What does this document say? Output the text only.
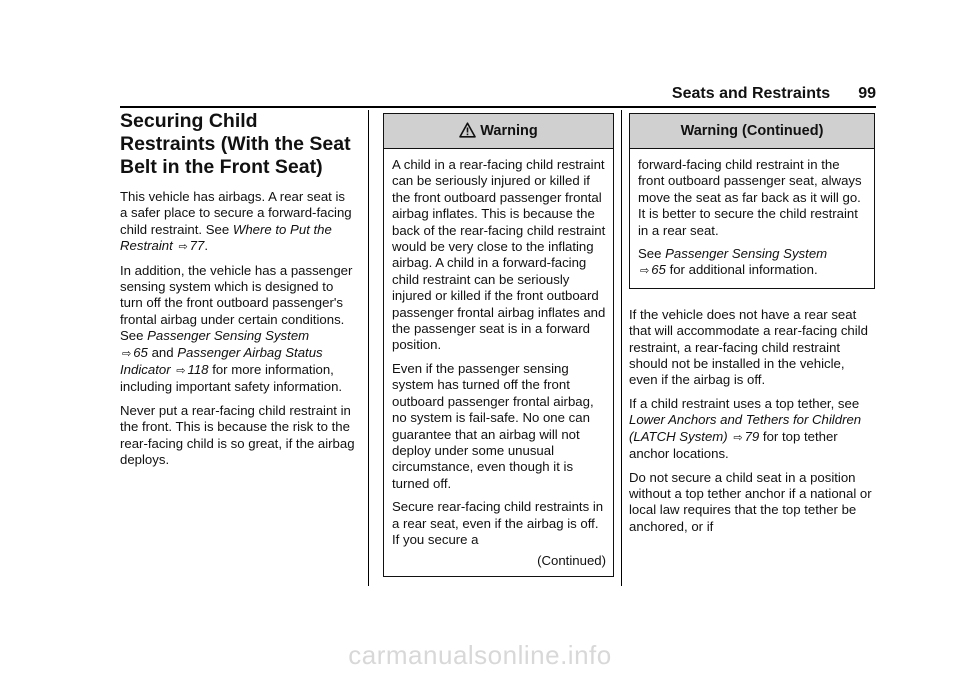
Seats and Restraints 99
Securing Child Restraints (With the Seat Belt in the Front Seat)

This vehicle has airbags. A rear seat is a safer place to secure a forward-facing child restraint. See Where to Put the Restraint ⇨ 77.

In addition, the vehicle has a passenger sensing system which is designed to turn off the front outboard passenger's frontal airbag under certain conditions.
See Passenger Sensing System
⇨ 65 and Passenger Airbag Status Indicator ⇨ 118 for more information, including important safety information.

Never put a rear-facing child restraint in the front. This is because the risk to the rear-facing child is so great, if the airbag deploys.

Warning

A child in a rear-facing child restraint can be seriously injured or killed if the front outboard passenger frontal airbag inflates. This is because the back of the rear-facing child restraint would be very close to the inflating airbag. A child in a forward-facing child restraint can be seriously injured or killed if the front outboard passenger frontal airbag inflates and the passenger seat is in a forward position.

Even if the passenger sensing system has turned off the front outboard passenger frontal airbag, no system is fail-safe. No one can guarantee that an airbag will not deploy under some unusual circumstance, even though it is turned off.

Secure rear-facing child restraints in a rear seat, even if the airbag is off. If you secure a

(Continued)
Warning (Continued)

forward-facing child restraint in the front outboard passenger seat, always move the seat as far back as it will go. It is better to secure the child restraint in a rear seat.

See Passenger Sensing System
⇨ 65 for additional information.

If the vehicle does not have a rear seat that will accommodate a rear-facing child restraint, a rear-facing child restraint should not be installed in the vehicle, even if the airbag is off.

If a child restraint uses a top tether, see Lower Anchors and Tethers for Children (LATCH System) ⇨ 79 for top tether anchor locations.

Do not secure a child seat in a position without a top tether anchor if a national or local law requires that the top tether be anchored, or if

carmanualsonline.info
